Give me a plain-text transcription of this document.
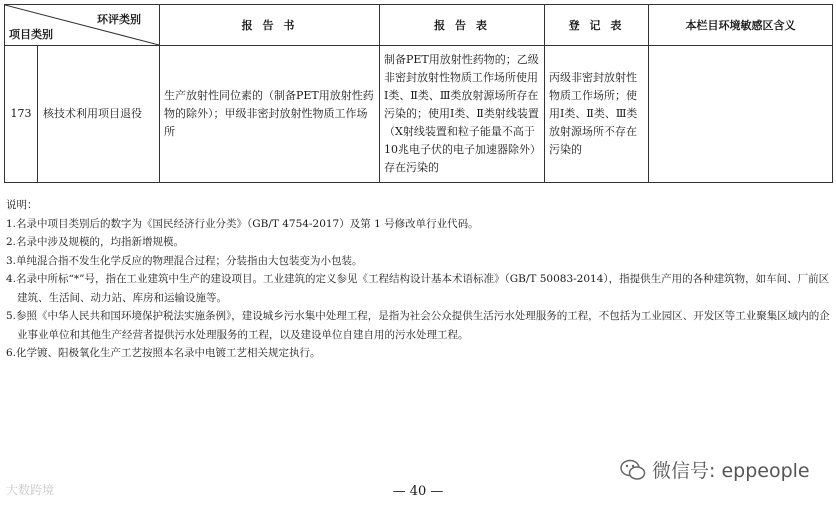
环评类别
项目类别		报 告 书	报 告 表	登 记 表	本栏目环境敏感区含义
173	核技术利用项目退役	生产放射性同位素的（制备PET用放射性药物的除外）；甲级非密封放射性物质工作场所	制备PET用放射性药物的；乙级非密封放射性物质工作场所使用Ⅰ类、Ⅱ类、Ⅲ类放射源场所存在污染的；使用Ⅰ类、Ⅱ类射线装置（X射线装置和粒子能量不高于10兆电子伏的电子加速器除外）存在污染的	丙级非密封放射性物质工作场所；使用Ⅰ类、Ⅱ类、Ⅲ类放射源场所不存在污染的	

说明：

1.名录中项目类别后的数字为《国民经济行业分类》（GB/T 4754-2017）及第 1 号修改单行业代码。

2.名录中涉及规模的，均指新增规模。

3.单纯混合指不发生化学反应的物理混合过程；分装指由大包装变为小包装。

4.名录中所标“*”号，指在工业建筑中生产的建设项目。工业建筑的定义参见《工程结构设计基本术语标准》（GB/T 50083-2014），指提供生产用的各种建筑物，如车间、厂前区建筑、生活间、动力站、库房和运输设施等。

5.参照《中华人民共和国环境保护税法实施条例》，建设城乡污水集中处理工程，是指为社会公众提供生活污水处理服务的工程，不包括为工业园区、开发区等工业聚集区域内的企业事业单位和其他生产经营者提供污水处理服务的工程，以及建设单位自建自用的污水处理工程。

6.化学镀、阳极氧化生产工艺按照本名录中电镀工艺相关规定执行。

微信号: eppeople
大数跨境	— 40 —
